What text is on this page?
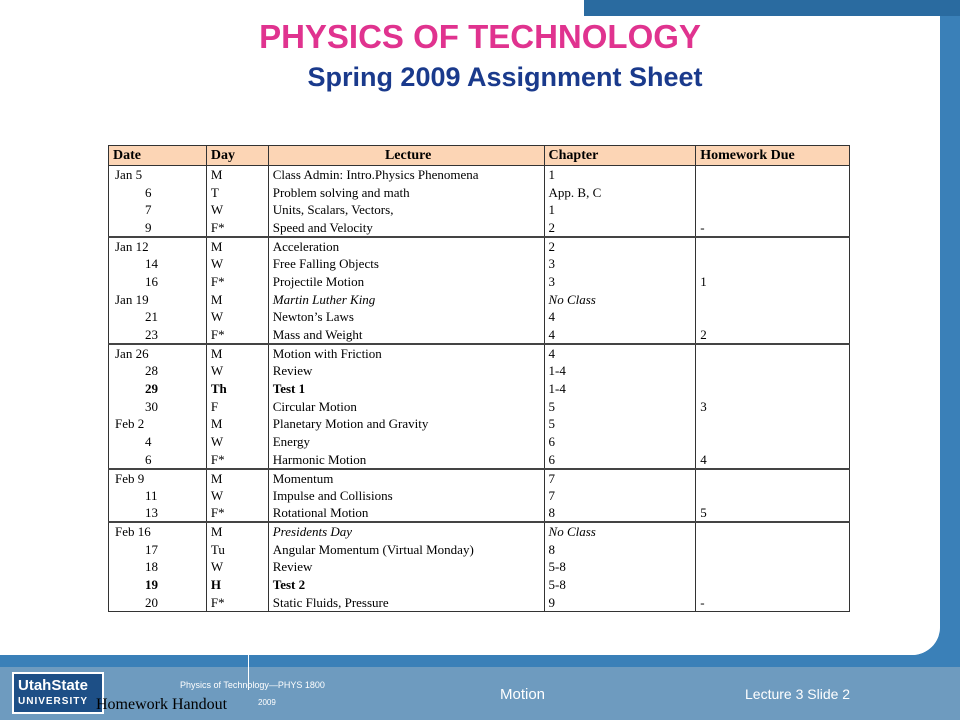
PHYSICS OF TECHNOLOGY
Spring 2009 Assignment Sheet
Date	Day	Lecture	Chapter	Homework Due
Jan 5	M	Class Admin: Intro.Physics Phenomena	1	
6	T	Problem solving and math	App. B, C	
7	W	Units, Scalars, Vectors,	1	
9	F*	Speed and Velocity	2	-
Jan 12	M	Acceleration	2	
14	W	Free Falling Objects	3	
16	F*	Projectile Motion	3	1
Jan 19	M	Martin Luther King	No Class	
21	W	Newton’s Laws	4	
23	F*	Mass and Weight	4	2
Jan 26	M	Motion with Friction	4	
28	W	Review	1-4	
29	Th	Test 1	1-4	
30	F	Circular Motion	5	3
Feb 2	M	Planetary Motion and Gravity	5	
4	W	Energy	6	
6	F*	Harmonic Motion	6	4
Feb 9	M	Momentum	7	
11	W	Impulse and Collisions	7	
13	F*	Rotational Motion	8	5
Feb 16	M	Presidents Day	No Class	
17	Tu	Angular Momentum (Virtual Monday)	8	
18	W	Review	5-8	
19	H	Test 2	5-8	
20	F*	Static Fluids, Pressure	9	-
UtahState
UNIVERSITY Homework Handout
Physics of Technology—PHYS 1800
2009	Motion	Lecture 3 Slide 2
